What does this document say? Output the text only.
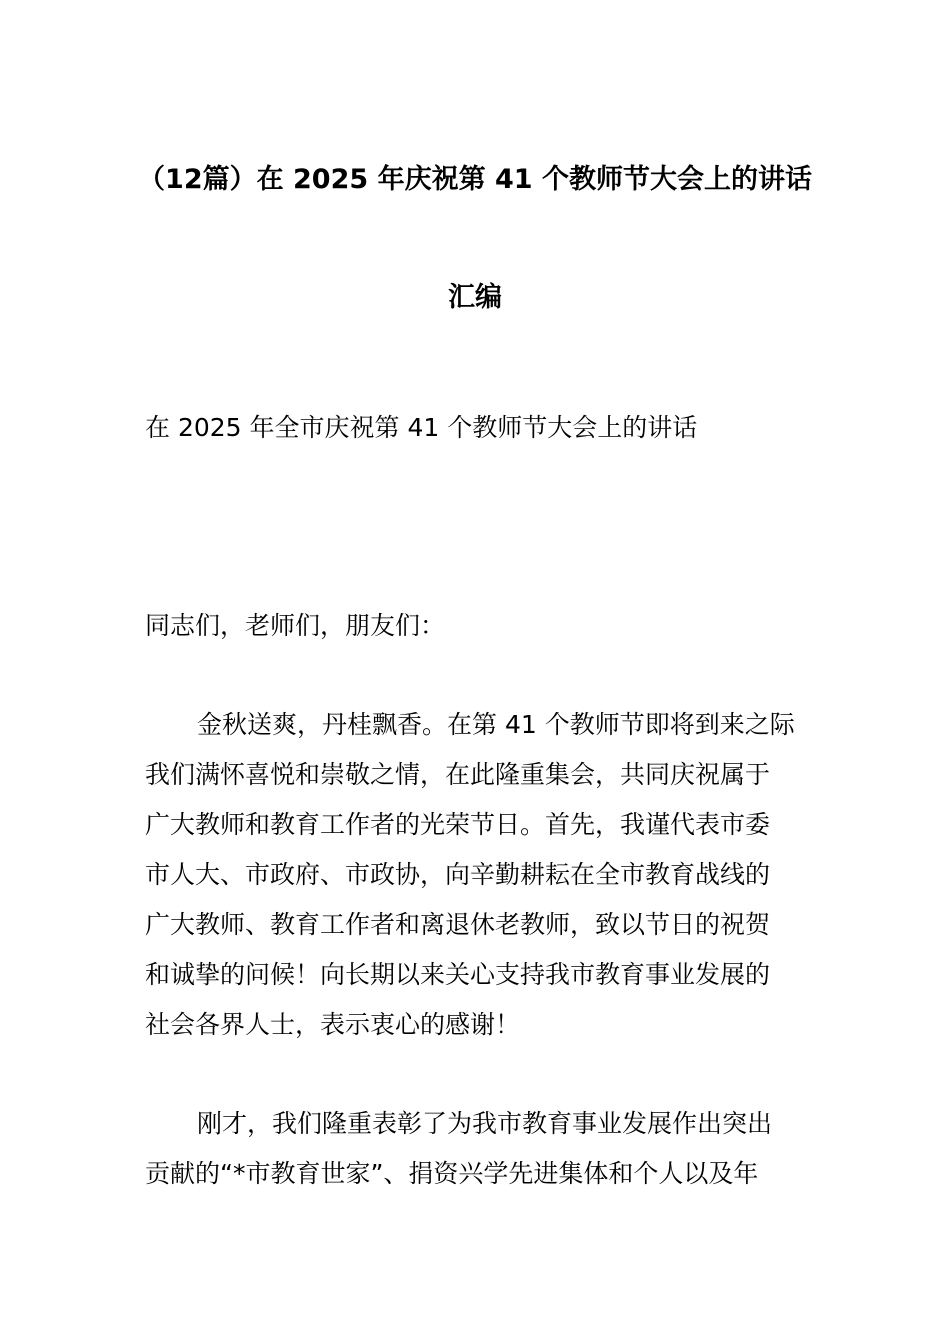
（12篇）在 2025 年庆祝第 41 个教师节大会上的讲话
汇编
在 2025 年全市庆祝第 41 个教师节大会上的讲话
同志们，老师们，朋友们：
金秋送爽，丹桂飘香。在第 41 个教师节即将到来之际
我们满怀喜悦和崇敬之情，在此隆重集会，共同庆祝属于
广大教师和教育工作者的光荣节日。首先，我谨代表市委
市人大、市政府、市政协，向辛勤耕耘在全市教育战线的
广大教师、教育工作者和离退休老教师，致以节日的祝贺
和诚挚的问候！向长期以来关心支持我市教育事业发展的
社会各界人士，表示衷心的感谢！
刚才，我们隆重表彰了为我市教育事业发展作出突出
贡献的“*市教育世家”、捐资兴学先进集体和个人以及年
